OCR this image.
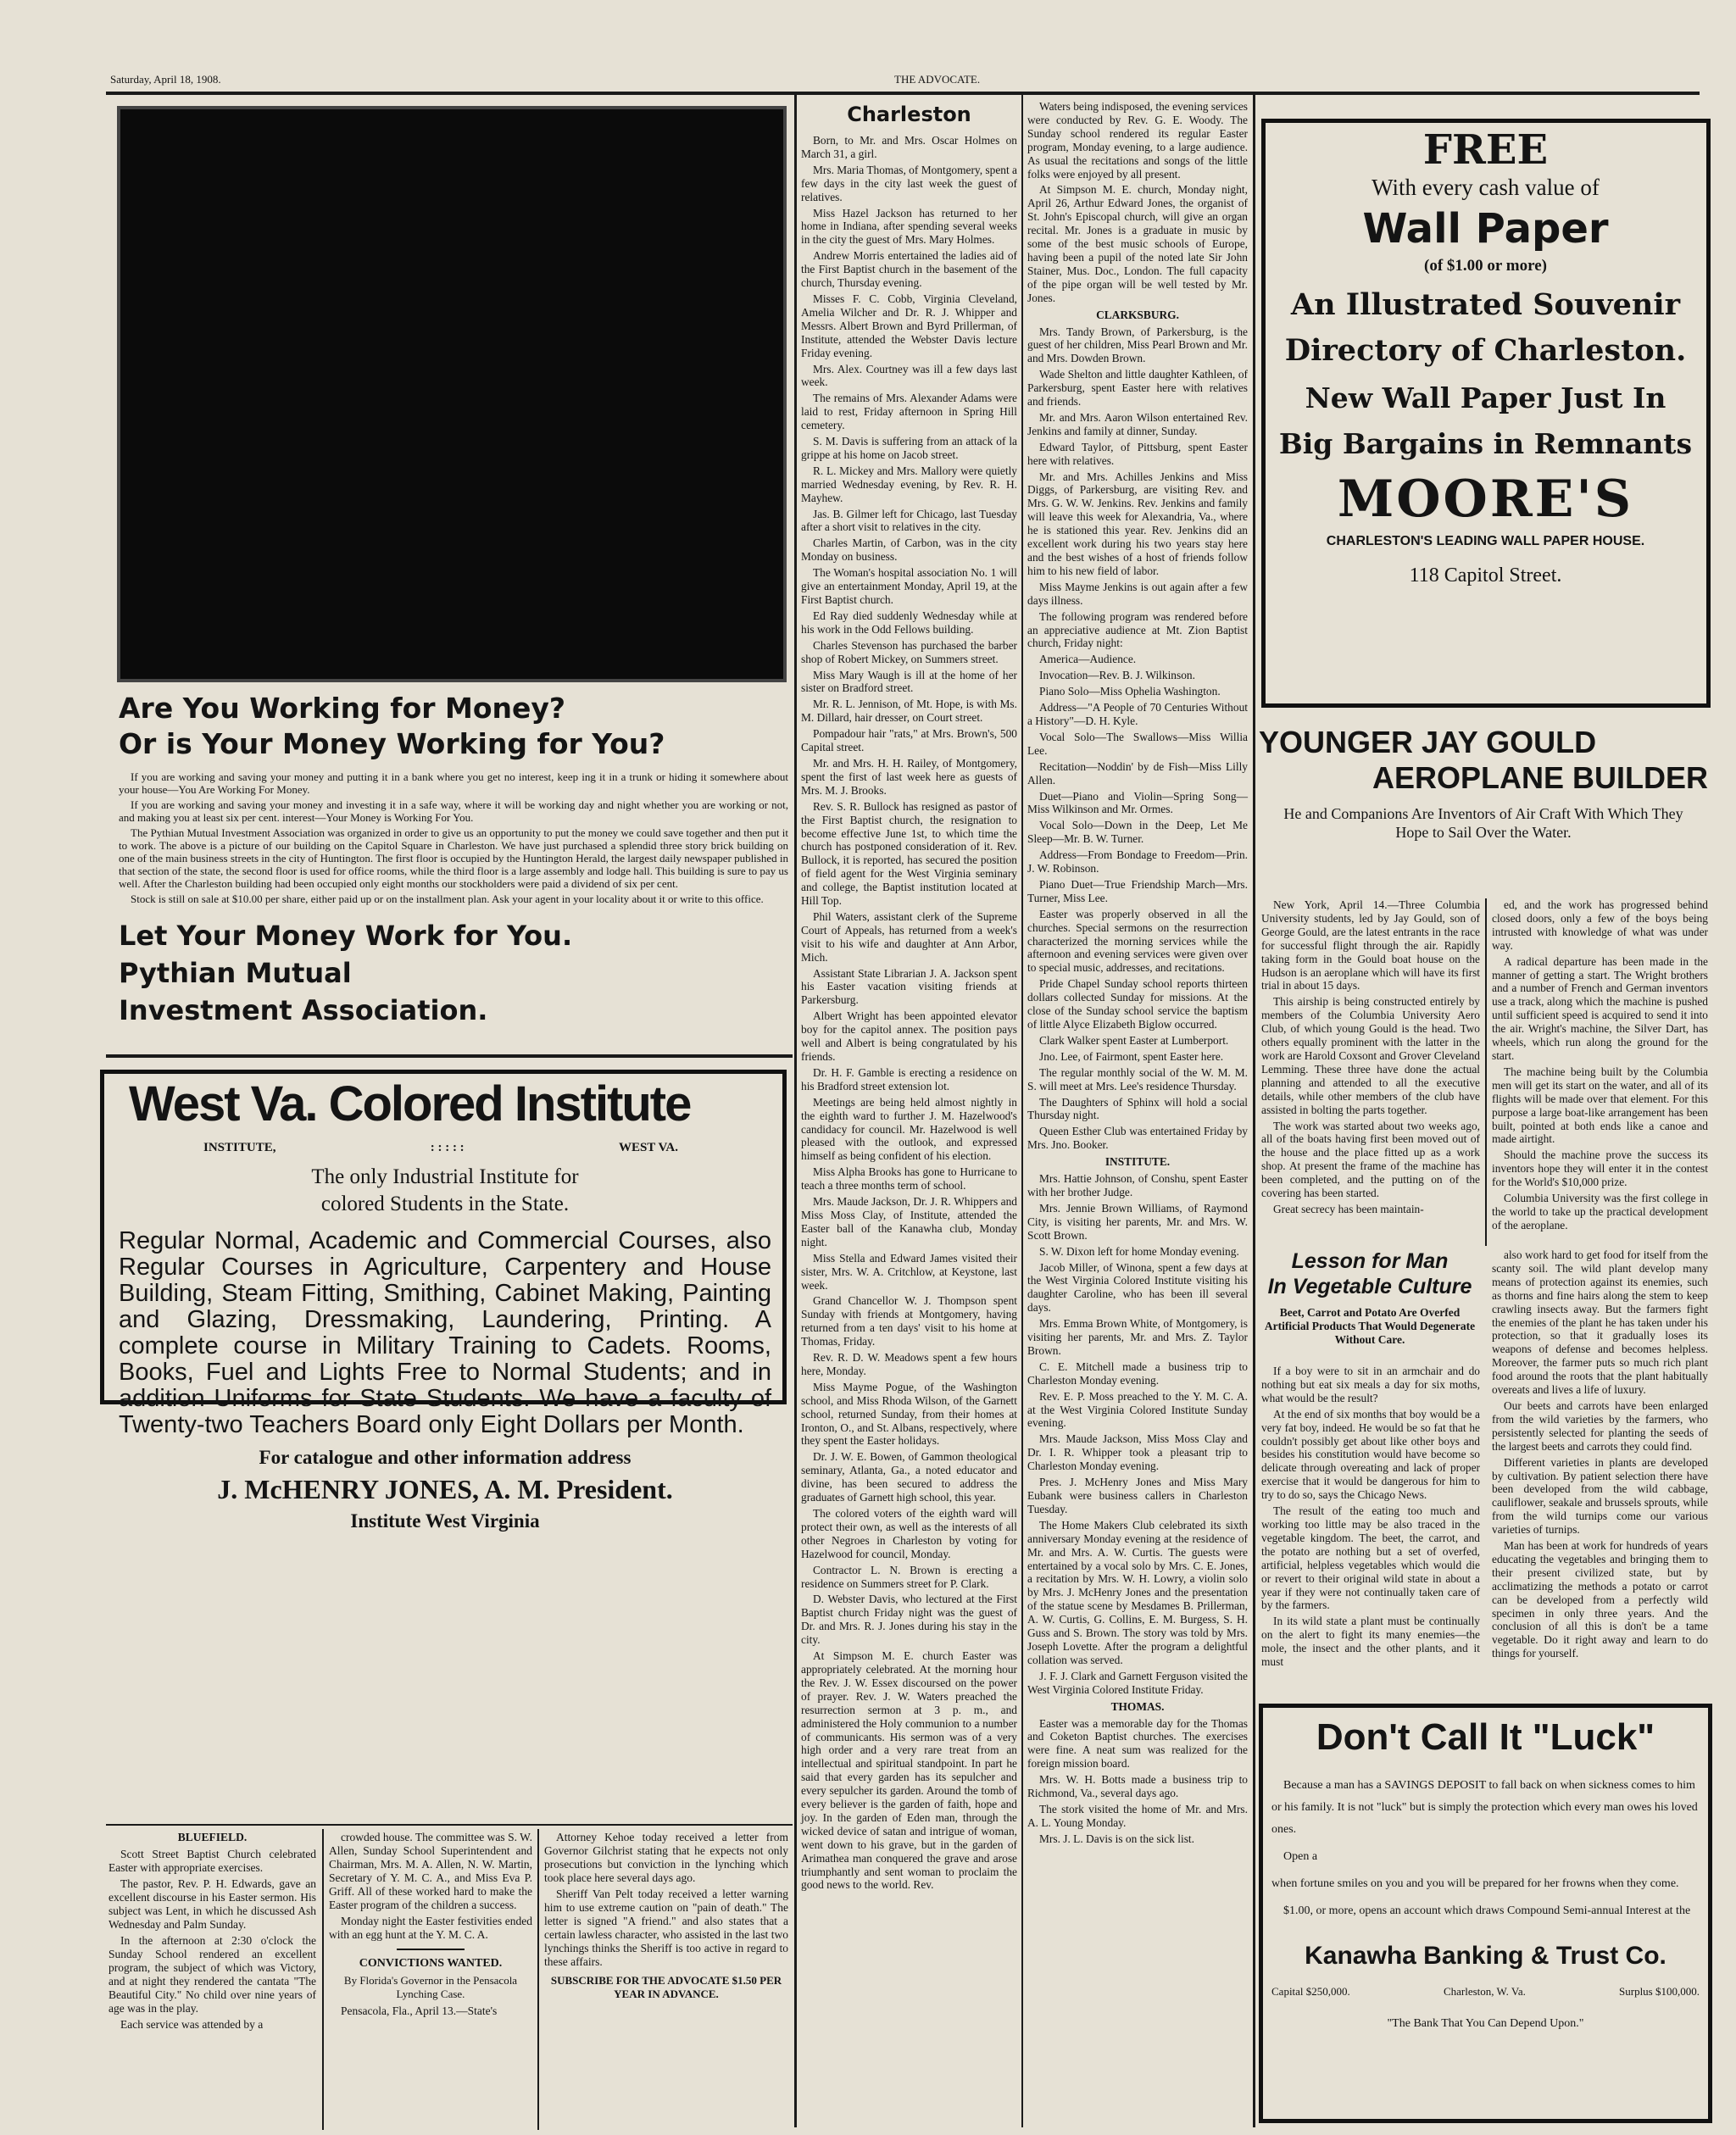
Saturday, April 18, 1908.	THE ADVOCATE.
Are You Working for Money?
Or is Your Money Working for You?

If you are working and saving your money and putting it in a bank where you get no interest, keep ing it in a trunk or hiding it somewhere about your house—You Are Working For Money.

If you are working and saving your money and investing it in a safe way, where it will be working day and night whether you are working or not, and making you at least six per cent. interest—Your Money is Working For You.

The Pythian Mutual Investment Association was organized in order to give us an opportunity to put the money we could save together and then put it to work. The above is a picture of our building on the Capitol Square in Charleston. We have just purchased a splendid three story brick building on one of the main business streets in the city of Huntington. The first floor is occupied by the Huntington Herald, the largest daily newspaper published in that section of the state, the second floor is used for office rooms, while the third floor is a large assembly and lodge hall. This building is sure to pay us well. After the Charleston building had been occupied only eight months our stockholders were paid a dividend of six per cent.

Stock is still on sale at $10.00 per share, either paid up or on the installment plan. Ask your agent in your locality about it or write to this office.

Let Your Money Work for You.
Pythian Mutual
Investment Association.
West Va. Colored Institute
INSTITUTE,	: : : : :	WEST VA.
The only Industrial Institute for
colored Students in the State.
Regular Normal, Academic and Commercial Courses, also Regular Courses in Agriculture, Carpentery and House Building, Steam Fitting, Smithing, Cabinet Making, Painting and Glazing, Dressmaking, Laundering, Printing. A complete course in Military Training to Cadets. Rooms, Books, Fuel and Lights Free to Normal Students; and in addition Uniforms for State Students. We have a faculty of Twenty-two Teachers Board only Eight Dollars per Month.
For catalogue and other information address
J. McHENRY JONES, A. M. President.
Institute West Virginia
BLUEFIELD.

Scott Street Baptist Church celebrated Easter with appropriate exercises.

The pastor, Rev. P. H. Edwards, gave an excellent discourse in his Easter sermon. His subject was Lent, in which he discussed Ash Wednesday and Palm Sunday.

In the afternoon at 2:30 o'clock the Sunday School rendered an excellent program, the subject of which was Victory, and at night they rendered the cantata "The Beautiful City." No child over nine years of age was in the play.

Each service was attended by a

crowded house. The committee was S. W. Allen, Sunday School Superintendent and Chairman, Mrs. M. A. Allen, N. W. Martin, Secretary of Y. M. C. A., and Miss Eva P. Griff. All of these worked hard to make the Easter program of the children a success.

Monday night the Easter festivities ended with an egg hunt at the Y. M. C. A.

CONVICTIONS WANTED.
By Florida's Governor in the Pensacola Lynching Case.

Pensacola, Fla., April 13.—State's

Attorney Kehoe today received a letter from Governor Gilchrist stating that he expects not only prosecutions but conviction in the lynching which took place here several days ago.

Sheriff Van Pelt today received a letter warning him to use extreme caution on "pain of death." The letter is signed "A friend." and also states that a certain lawless character, who assisted in the last two lynchings thinks the Sheriff is too active in regard to these affairs.

SUBSCRIBE FOR THE ADVOCATE $1.50 PER YEAR IN ADVANCE.
Charleston

Born, to Mr. and Mrs. Oscar Holmes on March 31, a girl.

Mrs. Maria Thomas, of Montgomery, spent a few days in the city last week the guest of relatives.

Miss Hazel Jackson has returned to her home in Indiana, after spending several weeks in the city the guest of Mrs. Mary Holmes.

Andrew Morris entertained the ladies aid of the First Baptist church in the basement of the church, Thursday evening.

Misses F. C. Cobb, Virginia Cleveland, Amelia Wilcher and Dr. R. J. Whipper and Messrs. Albert Brown and Byrd Prillerman, of Institute, attended the Webster Davis lecture Friday evening.

Mrs. Alex. Courtney was ill a few days last week.

The remains of Mrs. Alexander Adams were laid to rest, Friday afternoon in Spring Hill cemetery.

S. M. Davis is suffering from an attack of la grippe at his home on Jacob street.

R. L. Mickey and Mrs. Mallory were quietly married Wednesday evening, by Rev. R. H. Mayhew.

Jas. B. Gilmer left for Chicago, last Tuesday after a short visit to relatives in the city.

Charles Martin, of Carbon, was in the city Monday on business.

The Woman's hospital association No. 1 will give an entertainment Monday, April 19, at the First Baptist church.

Ed Ray died suddenly Wednesday while at his work in the Odd Fellows building.

Charles Stevenson has purchased the barber shop of Robert Mickey, on Summers street.

Miss Mary Waugh is ill at the home of her sister on Bradford street.

Mr. R. L. Jennison, of Mt. Hope, is with Ms. M. Dillard, hair dresser, on Court street.

Pompadour hair "rats," at Mrs. Brown's, 500 Capital street.

Mr. and Mrs. H. H. Railey, of Montgomery, spent the first of last week here as guests of Mrs. M. J. Brooks.

Rev. S. R. Bullock has resigned as pastor of the First Baptist church, the resignation to become effective June 1st, to which time the church has postponed consideration of it. Rev. Bullock, it is reported, has secured the position of field agent for the West Virginia seminary and college, the Baptist institution located at Hill Top.

Phil Waters, assistant clerk of the Supreme Court of Appeals, has returned from a week's visit to his wife and daughter at Ann Arbor, Mich.

Assistant State Librarian J. A. Jackson spent his Easter vacation visiting friends at Parkersburg.

Albert Wright has been appointed elevator boy for the capitol annex. The position pays well and Albert is being congratulated by his friends.

Dr. H. F. Gamble is erecting a residence on his Bradford street extension lot.

Meetings are being held almost nightly in the eighth ward to further J. M. Hazelwood's candidacy for council. Mr. Hazelwood is well pleased with the outlook, and expressed himself as being confident of his election.

Miss Alpha Brooks has gone to Hurricane to teach a three months term of school.

Mrs. Maude Jackson, Dr. J. R. Whippers and Miss Moss Clay, of Institute, attended the Easter ball of the Kanawha club, Monday night.

Miss Stella and Edward James visited their sister, Mrs. W. A. Critchlow, at Keystone, last week.

Grand Chancellor W. J. Thompson spent Sunday with friends at Montgomery, having returned from a ten days' visit to his home at Thomas, Friday.

Rev. R. D. W. Meadows spent a few hours here, Monday.

Miss Mayme Pogue, of the Washington school, and Miss Rhoda Wilson, of the Garnett school, returned Sunday, from their homes at Ironton, O., and St. Albans, respectively, where they spent the Easter holidays.

Dr. J. W. E. Bowen, of Gammon theological seminary, Atlanta, Ga., a noted educator and divine, has been secured to address the graduates of Garnett high school, this year.

The colored voters of the eighth ward will protect their own, as well as the interests of all other Negroes in Charleston by voting for Hazelwood for council, Monday.

Contractor L. N. Brown is erecting a residence on Summers street for P. Clark.

D. Webster Davis, who lectured at the First Baptist church Friday night was the guest of Dr. and Mrs. R. J. Jones during his stay in the city.

At Simpson M. E. church Easter was appropriately celebrated. At the morning hour the Rev. J. W. Essex discoursed on the power of prayer. Rev. J. W. Waters preached the resurrection sermon at 3 p. m., and administered the Holy communion to a number of communicants. His sermon was of a very high order and a very rare treat from an intellectual and spiritual standpoint. In part he said that every garden has its sepulcher and every sepulcher its garden. Around the tomb of every believer is the garden of faith, hope and joy. In the garden of Eden man, through the wicked device of satan and intrigue of woman, went down to his grave, but in the garden of Arimathea man conquered the grave and arose triumphantly and sent woman to proclaim the good news to the world. Rev.

Waters being indisposed, the evening services were conducted by Rev. G. E. Woody. The Sunday school rendered its regular Easter program, Monday evening, to a large audience. As usual the recitations and songs of the little folks were enjoyed by all present.

At Simpson M. E. church, Monday night, April 26, Arthur Edward Jones, the organist of St. John's Episcopal church, will give an organ recital. Mr. Jones is a graduate in music by some of the best music schools of Europe, having been a pupil of the noted late Sir John Stainer, Mus. Doc., London. The full capacity of the pipe organ will be well tested by Mr. Jones.

CLARKSBURG.

Mrs. Tandy Brown, of Parkersburg, is the guest of her children, Miss Pearl Brown and Mr. and Mrs. Dowden Brown.

Wade Shelton and little daughter Kathleen, of Parkersburg, spent Easter here with relatives and friends.

Mr. and Mrs. Aaron Wilson entertained Rev. Jenkins and family at dinner, Sunday.

Edward Taylor, of Pittsburg, spent Easter here with relatives.

Mr. and Mrs. Achilles Jenkins and Miss Diggs, of Parkersburg, are visiting Rev. and Mrs. G. W. W. Jenkins. Rev. Jenkins and family will leave this week for Alexandria, Va., where he is stationed this year. Rev. Jenkins did an excellent work during his two years stay here and the best wishes of a host of friends follow him to his new field of labor.

Miss Mayme Jenkins is out again after a few days illness.

The following program was rendered before an appreciative audience at Mt. Zion Baptist church, Friday night:

America—Audience.

Invocation—Rev. B. J. Wilkinson.

Piano Solo—Miss Ophelia Washington.

Address—"A People of 70 Centuries Without a History"—D. H. Kyle.

Vocal Solo—The Swallows—Miss Willia Lee.

Recitation—Noddin' by de Fish—Miss Lilly Allen.

Duet—Piano and Violin—Spring Song—Miss Wilkinson and Mr. Ormes.

Vocal Solo—Down in the Deep, Let Me Sleep—Mr. B. W. Turner.

Address—From Bondage to Freedom—Prin. J. W. Robinson.

Piano Duet—True Friendship March—Mrs. Turner, Miss Lee.

Easter was properly observed in all the churches. Special sermons on the resurrection characterized the morning services while the afternoon and evening services were given over to special music, addresses, and recitations.

Pride Chapel Sunday school reports thirteen dollars collected Sunday for missions. At the close of the Sunday school service the baptism of little Alyce Elizabeth Biglow occurred.

Clark Walker spent Easter at Lumberport.

Jno. Lee, of Fairmont, spent Easter here.

The regular monthly social of the W. M. M. S. will meet at Mrs. Lee's residence Thursday.

The Daughters of Sphinx will hold a social Thursday night.

Queen Esther Club was entertained Friday by Mrs. Jno. Booker.

INSTITUTE.

Mrs. Hattie Johnson, of Conshu, spent Easter with her brother Judge.

Mrs. Jennie Brown Williams, of Raymond City, is visiting her parents, Mr. and Mrs. W. Scott Brown.

S. W. Dixon left for home Monday evening.

Jacob Miller, of Winona, spent a few days at the West Virginia Colored Institute visiting his daughter Caroline, who has been ill several days.

Mrs. Emma Brown White, of Montgomery, is visiting her parents, Mr. and Mrs. Z. Taylor Brown.

C. E. Mitchell made a business trip to Charleston Monday evening.

Rev. E. P. Moss preached to the Y. M. C. A. at the West Virginia Colored Institute Sunday evening.

Mrs. Maude Jackson, Miss Moss Clay and Dr. I. R. Whipper took a pleasant trip to Charleston Monday evening.

Pres. J. McHenry Jones and Miss Mary Eubank were business callers in Charleston Tuesday.

The Home Makers Club celebrated its sixth anniversary Monday evening at the residence of Mr. and Mrs. A. W. Curtis. The guests were entertained by a vocal solo by Mrs. C. E. Jones, a recitation by Mrs. W. H. Lowry, a violin solo by Mrs. J. McHenry Jones and the presentation of the statue scene by Mesdames B. Prillerman, A. W. Curtis, G. Collins, E. M. Burgess, S. H. Guss and S. Brown. The story was told by Mrs. Joseph Lovette. After the program a delightful collation was served.

J. F. J. Clark and Garnett Ferguson visited the West Virginia Colored Institute Friday.

THOMAS.

Easter was a memorable day for the Thomas and Coketon Baptist churches. The exercises were fine. A neat sum was realized for the foreign mission board.

Mrs. W. H. Botts made a business trip to Richmond, Va., several days ago.

The stork visited the home of Mr. and Mrs. A. L. Young Monday.

Mrs. J. L. Davis is on the sick list.

FREE
With every cash value of
Wall Paper
(of $1.00 or more)
An Illustrated Souvenir
Directory of Charleston.
New Wall Paper Just In
Big Bargains in Remnants
MOORE'S
CHARLESTON'S LEADING WALL PAPER HOUSE.
118 Capitol Street.
YOUNGER JAY GOULD
AEROPLANE BUILDER
He and Companions Are Inventors of Air Craft With Which They Hope to Sail Over the Water.

New York, April 14.—Three Columbia University students, led by Jay Gould, son of George Gould, are the latest entrants in the race for successful flight through the air. Rapidly taking form in the Gould boat house on the Hudson is an aeroplane which will have its first trial in about 15 days.

This airship is being constructed entirely by members of the Columbia University Aero Club, of which young Gould is the head. Two others equally prominent with the latter in the work are Harold Coxsont and Grover Cleveland Lemming. These three have done the actual planning and attended to all the executive details, while other members of the club have assisted in bolting the parts together.

The work was started about two weeks ago, all of the boats having first been moved out of the house and the place fitted up as a work shop. At present the frame of the machine has been completed, and the putting on of the covering has been started.

Great secrecy has been maintain-

ed, and the work has progressed behind closed doors, only a few of the boys being intrusted with knowledge of what was under way.

A radical departure has been made in the manner of getting a start. The Wright brothers and a number of French and German inventors use a track, along which the machine is pushed until sufficient speed is acquired to send it into the air. Wright's machine, the Silver Dart, has wheels, which run along the ground for the start.

The machine being built by the Columbia men will get its start on the water, and all of its flights will be made over that element. For this purpose a large boat-like arrangement has been built, pointed at both ends like a canoe and made airtight.

Should the machine prove the success its inventors hope they will enter it in the contest for the World's $10,000 prize.

Columbia University was the first college in the world to take up the practical development of the aeroplane.

Lesson for Man
In Vegetable Culture
Beet, Carrot and Potato Are Overfed Artificial Products That Would Degenerate Without Care.

If a boy were to sit in an armchair and do nothing but eat six meals a day for six moths, what would be the result?

At the end of six months that boy would be a very fat boy, indeed. He would be so fat that he couldn't possibly get about like other boys and besides his constitution would have become so delicate through overeating and lack of proper exercise that it would be dangerous for him to try to do so, says the Chicago News.

The result of the eating too much and working too little may be also traced in the vegetable kingdom. The beet, the carrot, and the potato are nothing but a set of overfed, artificial, helpless vegetables which would die or revert to their original wild state in about a year if they were not continually taken care of by the farmers.

In its wild state a plant must be continually on the alert to fight its many enemies—the mole, the insect and the other plants, and it must

also work hard to get food for itself from the scanty soil. The wild plant develop many means of protection against its enemies, such as thorns and fine hairs along the stem to keep crawling insects away. But the farmers fight the enemies of the plant he has taken under his protection, so that it gradually loses its weapons of defense and becomes helpless. Moreover, the farmer puts so much rich plant food around the roots that the plant habitually overeats and lives a life of luxury.

Our beets and carrots have been enlarged from the wild varieties by the farmers, who persistently selected for planting the seeds of the largest beets and carrots they could find.

Different varieties in plants are developed by cultivation. By patient selection there have been developed from the wild cabbage, cauliflower, seakale and brussels sprouts, while from the wild turnips come our various varieties of turnips.

Man has been at work for hundreds of years educating the vegetables and bringing them to their present civilized state, but by acclimatizing the methods a potato or carrot can be developed from a perfectly wild specimen in only three years. And the conclusion of all this is don't be a tame vegetable. Do it right away and learn to do things for yourself.

Don't Call It "Luck"
Because a man has a SAVINGS DEPOSIT to fall back on when sickness comes to him or his family. It is not "luck" but is simply the protection which every man owes his loved ones.
Open a
when fortune smiles on you and you will be prepared for her frowns when they come.
$1.00, or more, opens an account which draws Compound Semi-annual Interest at the
Kanawha Banking & Trust Co.
Capital $250,000.	Charleston, W. Va.	Surplus $100,000.
"The Bank That You Can Depend Upon."
